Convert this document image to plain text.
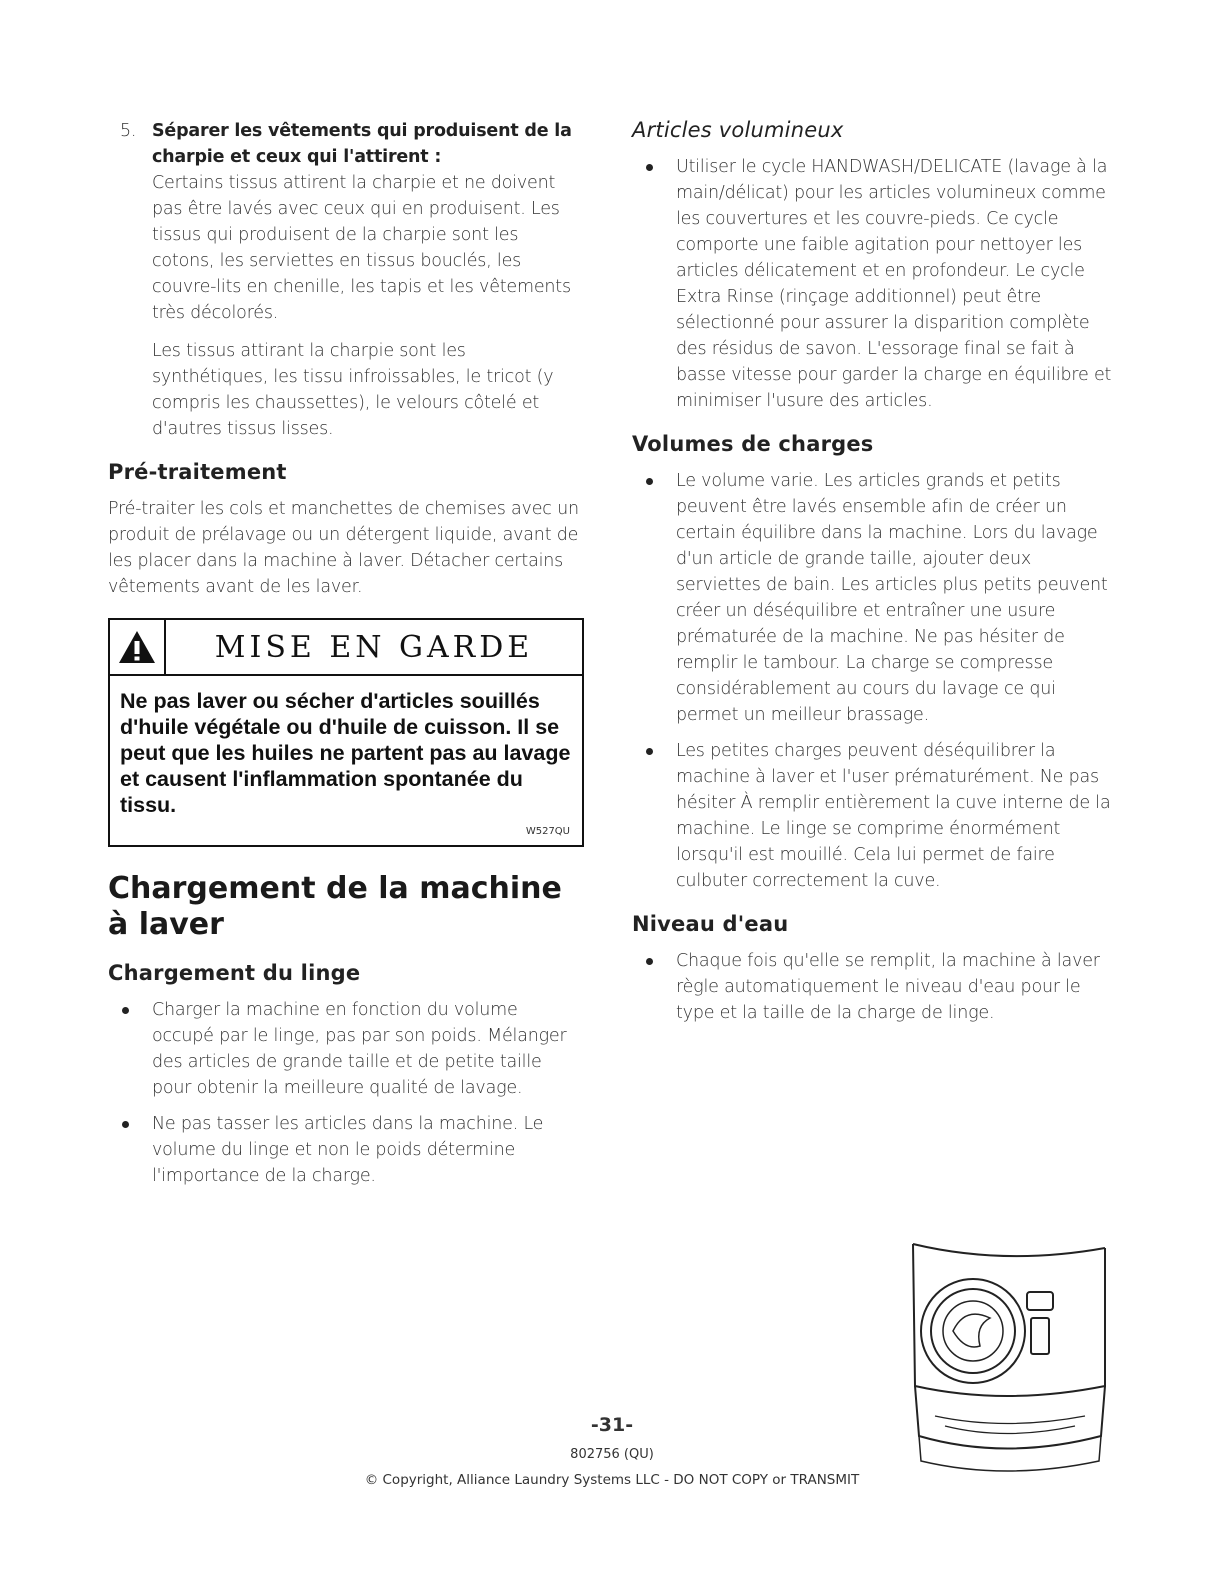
5. Séparer les vêtements qui produisent de la charpie et ceux qui l'attirent :

Certains tissus attirent la charpie et ne doivent pas être lavés avec ceux qui en produisent. Les tissus qui produisent de la charpie sont les cotons, les serviettes en tissus bouclés, les couvre-lits en chenille, les tapis et les vêtements très décolorés.

Les tissus attirant la charpie sont les synthétiques, les tissu infroissables, le tricot (y compris les chaussettes), le velours côtelé et d'autres tissus lisses.

Pré-traitement

Pré-traiter les cols et manchettes de chemises avec un produit de prélavage ou un détergent liquide, avant de les placer dans la machine à laver. Détacher certains vêtements avant de les laver.

MISE EN GARDE
Ne pas laver ou sécher d'articles souillés d'huile végétale ou d'huile de cuisson. Il se peut que les huiles ne partent pas au lavage et causent l'inflammation spontanée du tissu.
W527QU
Chargement de la machine à laver
Chargement du linge
Charger la machine en fonction du volume occupé par le linge, pas par son poids. Mélanger des articles de grande taille et de petite taille pour obtenir la meilleure qualité de lavage.
Ne pas tasser les articles dans la machine. Le volume du linge et non le poids détermine l'importance de la charge.
Articles volumineux
Utiliser le cycle HANDWASH/DELICATE (lavage à la main/délicat) pour les articles volumineux comme les couvertures et les couvre-pieds. Ce cycle comporte une faible agitation pour nettoyer les articles délicatement et en profondeur. Le cycle Extra Rinse (rinçage additionnel) peut être sélectionné pour assurer la disparition complète des résidus de savon. L'essorage final se fait à basse vitesse pour garder la charge en équilibre et minimiser l'usure des articles.
Volumes de charges
Le volume varie. Les articles grands et petits peuvent être lavés ensemble afin de créer un certain équilibre dans la machine. Lors du lavage d'un article de grande taille, ajouter deux serviettes de bain. Les articles plus petits peuvent créer un déséquilibre et entraîner une usure prématurée de la machine. Ne pas hésiter de remplir le tambour. La charge se compresse considérablement au cours du lavage ce qui permet un meilleur brassage.
Les petites charges peuvent déséquilibrer la machine à laver et l'user prématurément. Ne pas hésiter À remplir entièrement la cuve interne de la machine. Le linge se comprime énormément lorsqu'il est mouillé. Cela lui permet de faire culbuter correctement la cuve.
Niveau d'eau
Chaque fois qu'elle se remplit, la machine à laver règle automatiquement le niveau d'eau pour le type et la taille de la charge de linge.
-31-
802756 (QU)
© Copyright, Alliance Laundry Systems LLC - DO NOT COPY or TRANSMIT
